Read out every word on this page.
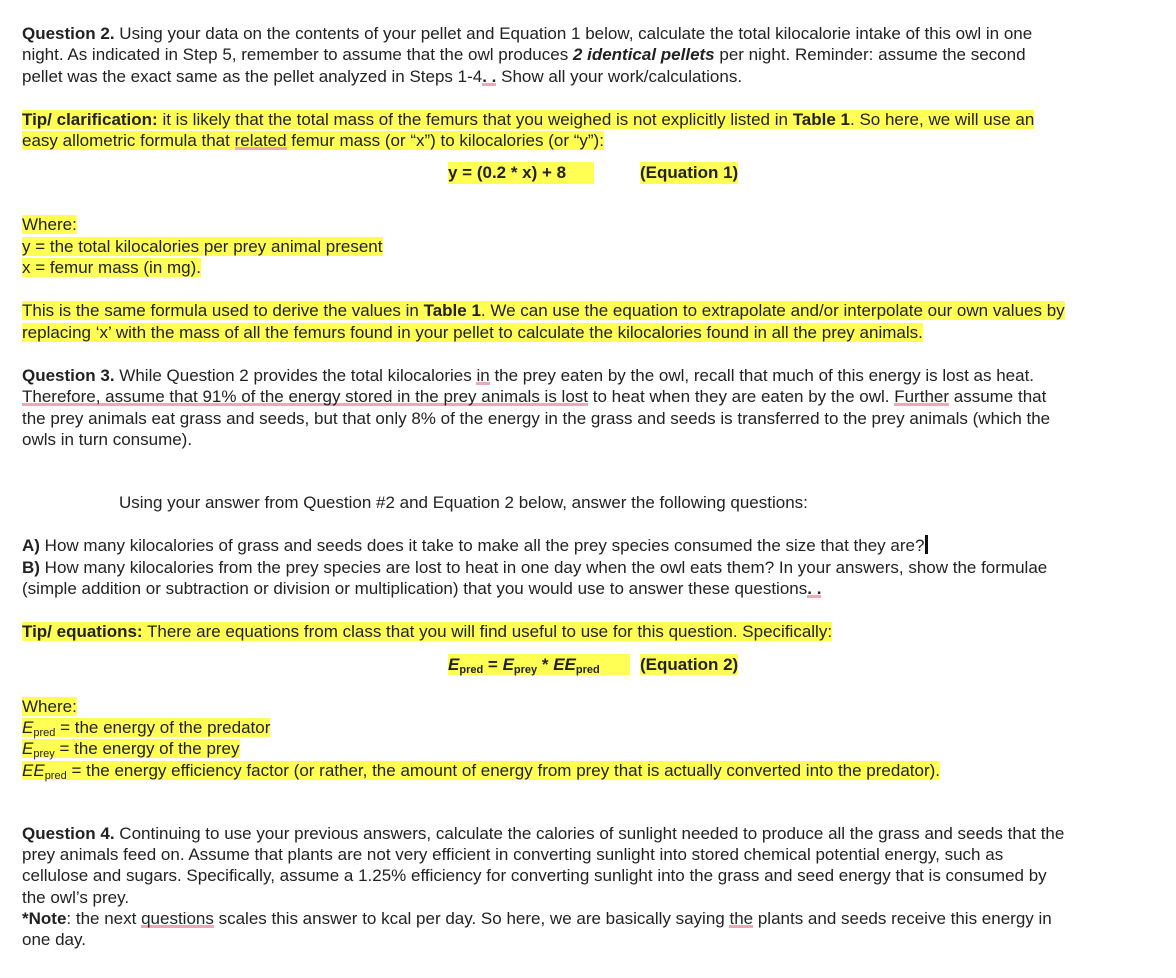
Question 2. Using your data on the contents of your pellet and Equation 1 below, calculate the total kilocalorie intake of this owl in one
night. As indicated in Step 5, remember to assume that the owl produces 2 identical pellets per night. Reminder: assume the second
pellet was the exact same as the pellet analyzed in Steps 1-4. . Show all your work/calculations.

Tip/ clarification: it is likely that the total mass of the femurs that you weighed is not explicitly listed in Table 1. So here, we will use an
easy allometric formula that related femur mass (or “x”) to kilocalories (or “y”):

y = (0.2 * x) + 8	(Equation 1)

Where:
y = the total kilocalories per prey animal present
x = femur mass (in mg).

This is the same formula used to derive the values in Table 1. We can use the equation to extrapolate and/or interpolate our own values by
replacing ‘x’ with the mass of all the femurs found in your pellet to calculate the kilocalories found in all the prey animals.

Question 3. While Question 2 provides the total kilocalories in the prey eaten by the owl, recall that much of this energy is lost as heat.
Therefore, assume that 91% of the energy stored in the prey animals is lost to heat when they are eaten by the owl. Further assume that
the prey animals eat grass and seeds, but that only 8% of the energy in the grass and seeds is transferred to the prey animals (which the
owls in turn consume).

Using your answer from Question #2 and Equation 2 below, answer the following questions:

A) How many kilocalories of grass and seeds does it take to make all the prey species consumed the size that they are?
B) How many kilocalories from the prey species are lost to heat in one day when the owl eats them? In your answers, show the formulae
(simple addition or subtraction or division or multiplication) that you would use to answer these questions. .

Tip/ equations: There are equations from class that you will find useful to use for this question. Specifically:

$E_{pred} = E_{prey} * EE_{pred}$	(Equation 2)

Where:
$E_{pred}$ = the energy of the predator
$E_{prey}$ = the energy of the prey
$EE_{pred}$ = the energy efficiency factor (or rather, the amount of energy from prey that is actually converted into the predator).

Question 4. Continuing to use your previous answers, calculate the calories of sunlight needed to produce all the grass and seeds that the
prey animals feed on. Assume that plants are not very efficient in converting sunlight into stored chemical potential energy, such as
cellulose and sugars. Specifically, assume a 1.25% efficiency for converting sunlight into the grass and seed energy that is consumed by
the owl’s prey.
*Note: the next questions scales this answer to kcal per day. So here, we are basically saying the plants and seeds receive this energy in
one day.
